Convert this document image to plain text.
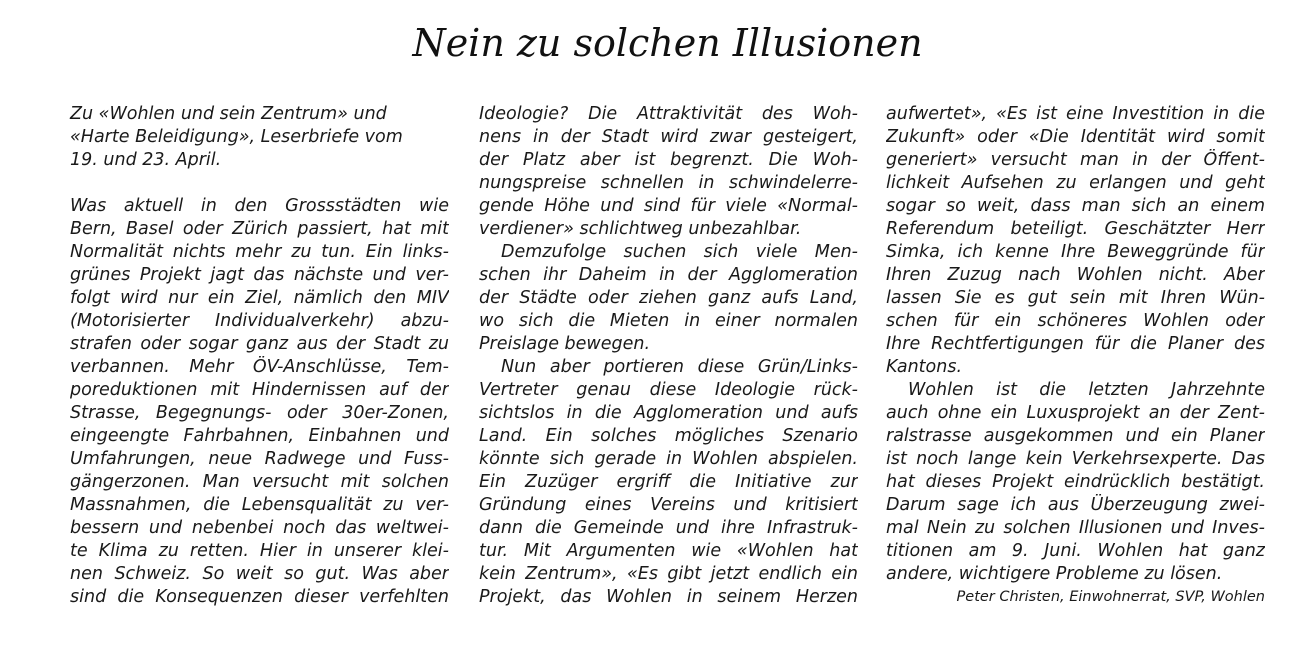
Nein zu solchen Illusionen
Zu «Wohlen und sein Zentrum» und
«Harte Beleidigung», Leserbriefe vom
19. und 23. April.
Was aktuell in den Grossstädten wie
Bern, Basel oder Zürich passiert, hat mit
Normalität nichts mehr zu tun. Ein links-
grünes Projekt jagt das nächste und ver-
folgt wird nur ein Ziel, nämlich den MIV
(Motorisierter Individualverkehr) abzu-
strafen oder sogar ganz aus der Stadt zu
verbannen. Mehr ÖV-Anschlüsse, Tem-
poreduktionen mit Hindernissen auf der
Strasse, Begegnungs- oder 30er-Zonen,
eingeengte Fahrbahnen, Einbahnen und
Umfahrungen, neue Radwege und Fuss-
gängerzonen. Man versucht mit solchen
Massnahmen, die Lebensqualität zu ver-
bessern und nebenbei noch das weltwei-
te Klima zu retten. Hier in unserer klei-
nen Schweiz. So weit so gut. Was aber
sind die Konsequenzen dieser verfehlten
Ideologie? Die Attraktivität des Woh-
nens in der Stadt wird zwar gesteigert,
der Platz aber ist begrenzt. Die Woh-
nungspreise schnellen in schwindelerre-
gende Höhe und sind für viele «Normal-
verdiener» schlichtweg unbezahlbar.
Demzufolge suchen sich viele Men-
schen ihr Daheim in der Agglomeration
der Städte oder ziehen ganz aufs Land,
wo sich die Mieten in einer normalen
Preislage bewegen.
Nun aber portieren diese Grün/Links-
Vertreter genau diese Ideologie rück-
sichtslos in die Agglomeration und aufs
Land. Ein solches mögliches Szenario
könnte sich gerade in Wohlen abspielen.
Ein Zuzüger ergriff die Initiative zur
Gründung eines Vereins und kritisiert
dann die Gemeinde und ihre Infrastruk-
tur. Mit Argumenten wie «Wohlen hat
kein Zentrum», «Es gibt jetzt endlich ein
Projekt, das Wohlen in seinem Herzen
aufwertet», «Es ist eine Investition in die
Zukunft» oder «Die Identität wird somit
generiert» versucht man in der Öffent-
lichkeit Aufsehen zu erlangen und geht
sogar so weit, dass man sich an einem
Referendum beteiligt. Geschätzter Herr
Simka, ich kenne Ihre Beweggründe für
Ihren Zuzug nach Wohlen nicht. Aber
lassen Sie es gut sein mit Ihren Wün-
schen für ein schöneres Wohlen oder
Ihre Rechtfertigungen für die Planer des
Kantons.
Wohlen ist die letzten Jahrzehnte
auch ohne ein Luxusprojekt an der Zent-
ralstrasse ausgekommen und ein Planer
ist noch lange kein Verkehrsexperte. Das
hat dieses Projekt eindrücklich bestätigt.
Darum sage ich aus Überzeugung zwei-
mal Nein zu solchen Illusionen und Inves-
titionen am 9. Juni. Wohlen hat ganz
andere, wichtigere Probleme zu lösen.
Peter Christen, Einwohnerrat, SVP, Wohlen
